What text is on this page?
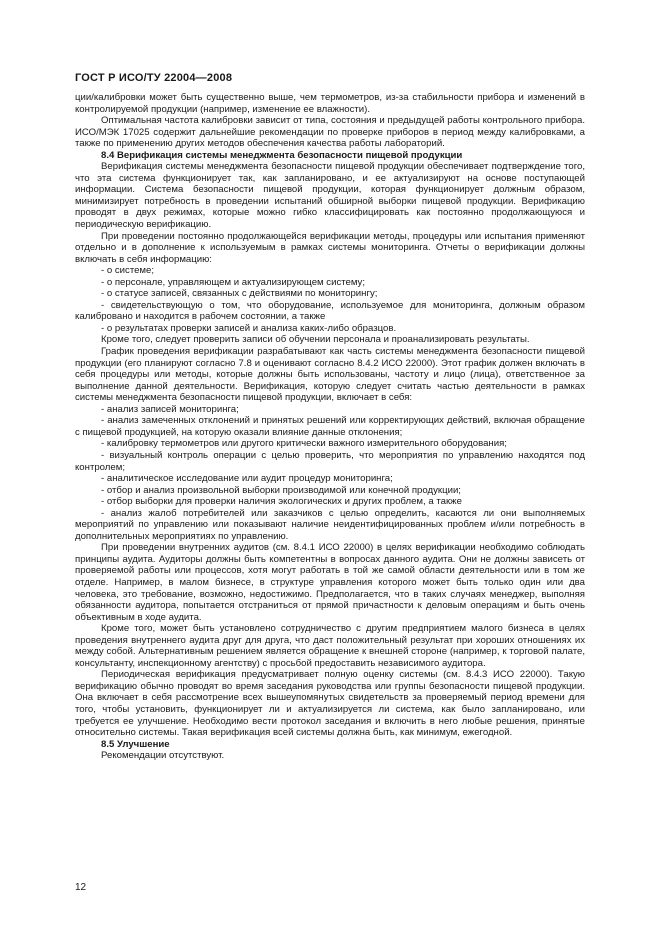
ГОСТ Р ИСО/ТУ 22004—2008

ции/калибровки может быть существенно выше, чем термометров, из-за стабильности прибора и изменений в контролируемой продукции (например, изменение ее влажности).

Оптимальная частота калибровки зависит от типа, состояния и предыдущей работы контрольного прибора. ИСО/МЭК 17025 содержит дальнейшие рекомендации по проверке приборов в период между калибровками, а также по применению других методов обеспечения качества работы лабораторий.

8.4 Верификация системы менеджмента безопасности пищевой продукции

Верификация системы менеджмента безопасности пищевой продукции обеспечивает подтверждение того, что эта система функционирует так, как запланировано, и ее актуализируют на основе поступающей информации. Система безопасности пищевой продукции, которая функционирует должным образом, минимизирует потребность в проведении испытаний обширной выборки пищевой продукции. Верификацию проводят в двух режимах, которые можно гибко классифицировать как постоянно продолжающуюся и периодическую верификацию.

При проведении постоянно продолжающейся верификации методы, процедуры или испытания применяют отдельно и в дополнение к используемым в рамках системы мониторинга. Отчеты о верификации должны включать в себя информацию:

- о системе;
- о персонале, управляющем и актуализирующем систему;
- о статусе записей, связанных с действиями по мониторингу;
- свидетельствующую о том, что оборудование, используемое для мониторинга, должным образом калибровано и находится в рабочем состоянии, а также
- о результатах проверки записей и анализа каких-либо образцов.

Кроме того, следует проверить записи об обучении персонала и проанализировать результаты.

График проведения верификации разрабатывают как часть системы менеджмента безопасности пищевой продукции (его планируют согласно 7.8 и оценивают согласно 8.4.2 ИСО 22000). Этот график должен включать в себя процедуры или методы, которые должны быть использованы, частоту и лицо (лица), ответственное за выполнение данной деятельности. Верификация, которую следует считать частью деятельности в рамках системы менеджмента безопасности пищевой продукции, включает в себя:

- анализ записей мониторинга;
- анализ замеченных отклонений и принятых решений или корректирующих действий, включая обращение с пищевой продукцией, на которую оказали влияние данные отклонения;
- калибровку термометров или другого критически важного измерительного оборудования;
- визуальный контроль операции с целью проверить, что мероприятия по управлению находятся под контролем;
- аналитическое исследование или аудит процедур мониторинга;
- отбор и анализ произвольной выборки производимой или конечной продукции;
- отбор выборки для проверки наличия экологических и других проблем, а также
- анализ жалоб потребителей или заказчиков с целью определить, касаются ли они выполняемых мероприятий по управлению или показывают наличие неидентифицированных проблем и/или потребность в дополнительных мероприятиях по управлению.

При проведении внутренних аудитов (см. 8.4.1 ИСО 22000) в целях верификации необходимо соблюдать принципы аудита. Аудиторы должны быть компетентны в вопросах данного аудита. Они не должны зависеть от проверяемой работы или процессов, хотя могут работать в той же самой области деятельности или в том же отделе. Например, в малом бизнесе, в структуре управления которого может быть только один или два человека, это требование, возможно, недостижимо. Предполагается, что в таких случаях менеджер, выполняя обязанности аудитора, попытается отстраниться от прямой причастности к деловым операциям и быть очень объективным в ходе аудита.

Кроме того, может быть установлено сотрудничество с другим предприятием малого бизнеса в целях проведения внутреннего аудита друг для друга, что даст положительный результат при хороших отношениях их между собой. Альтернативным решением является обращение к внешней стороне (например, к торговой палате, консультанту, инспекционному агентству) с просьбой предоставить независимого аудитора.

Периодическая верификация предусматривает полную оценку системы (см. 8.4.3 ИСО 22000). Такую верификацию обычно проводят во время заседания руководства или группы безопасности пищевой продукции. Она включает в себя рассмотрение всех вышеупомянутых свидетельств за проверяемый период времени для того, чтобы установить, функционирует ли и актуализируется ли система, как было запланировано, или требуется ее улучшение. Необходимо вести протокол заседания и включить в него любые решения, принятые относительно системы. Такая верификация всей системы должна быть, как минимум, ежегодной.

8.5 Улучшение

Рекомендации отсутствуют.

12
